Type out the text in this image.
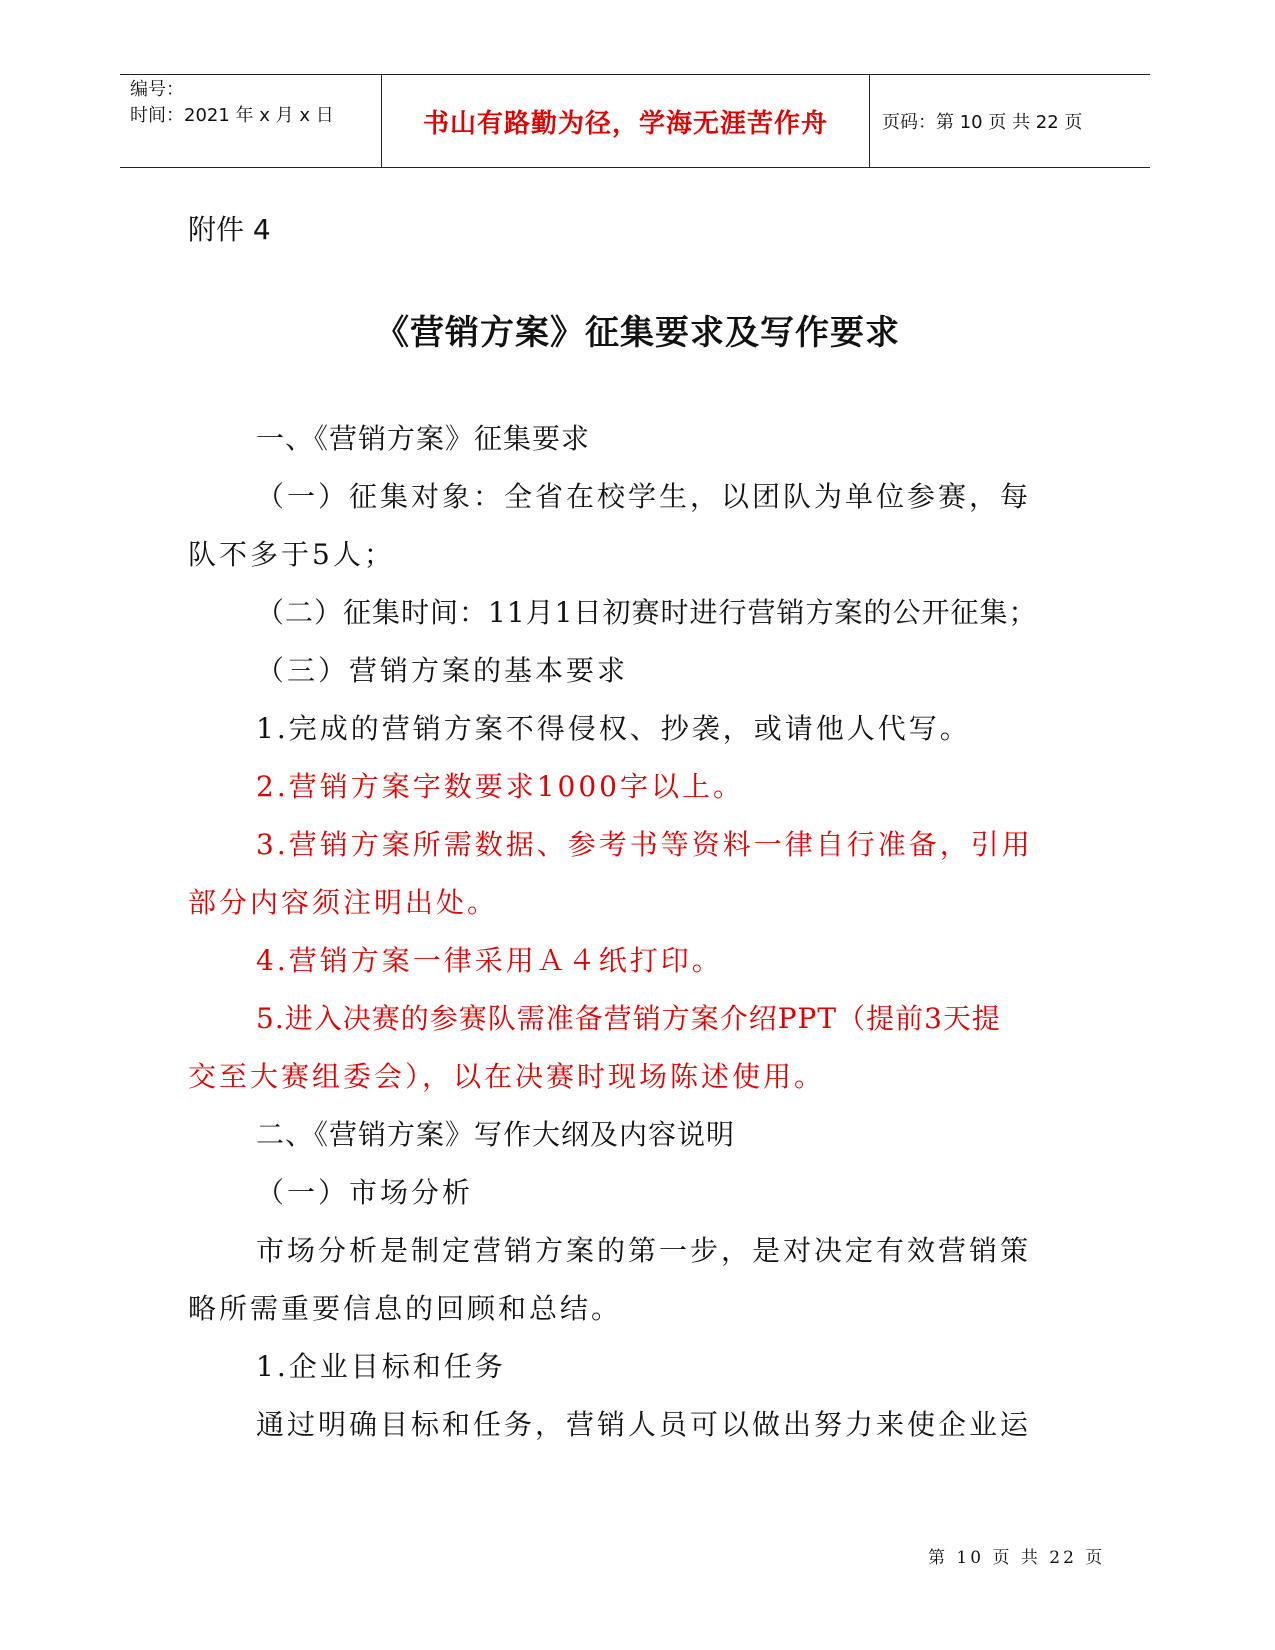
编号：
时间：2021 年 x 月 x 日	书山有路勤为径，学海无涯苦作舟	页码：第 10 页 共 22 页
附件 4
《营销方案》征集要求及写作要求

一、《营销方案》征集要求

（一）征集对象：全省在校学生，以团队为单位参赛，每

队不多于5人；

（二）征集时间：11月1日初赛时进行营销方案的公开征集；

（三）营销方案的基本要求

1.完成的营销方案不得侵权、抄袭，或请他人代写。

2.营销方案字数要求1000字以上。

3.营销方案所需数据、参考书等资料一律自行准备，引用

部分内容须注明出处。

4.营销方案一律采用Ａ４纸打印。

5.进入决赛的参赛队需准备营销方案介绍PPT（提前3天提

交至大赛组委会），以在决赛时现场陈述使用。

二、《营销方案》写作大纲及内容说明

（一）市场分析

市场分析是制定营销方案的第一步，是对决定有效营销策

略所需重要信息的回顾和总结。

1.企业目标和任务

通过明确目标和任务，营销人员可以做出努力来使企业运

第 10 页 共 22 页
